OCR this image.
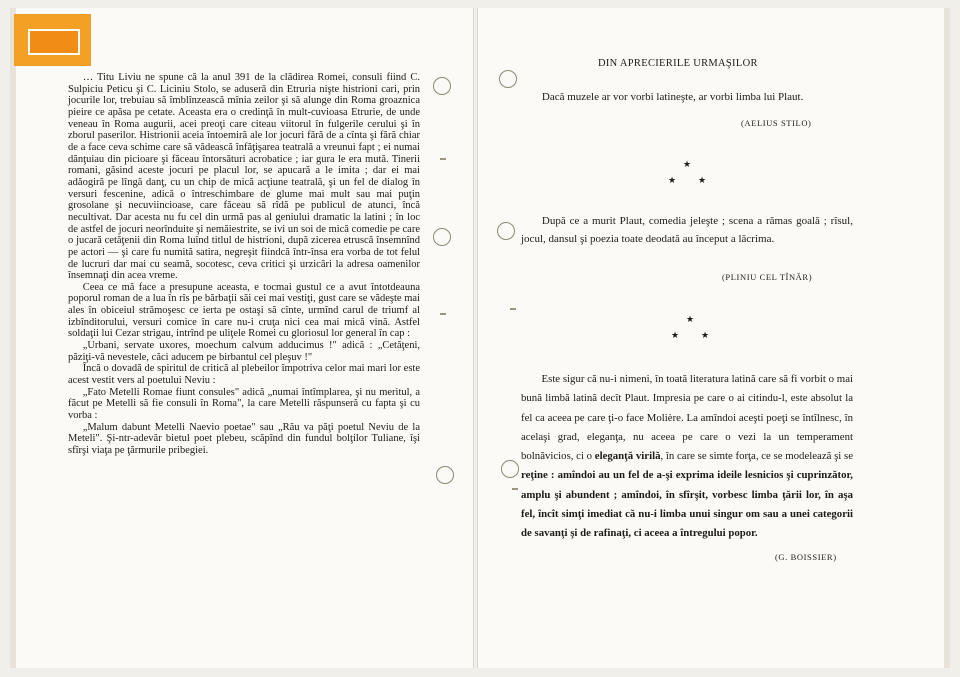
… Titu Liviu ne spune că la anul 391 de la clădirea Romei, consuli fiind C. Sulpiciu Peticu şi C. Liciniu Stolo, se aduseră din Etruria nişte histrioni cari, prin jocurile lor, trebuiau să îmblînzească mînia zeilor şi să alunge din Roma groaznica pieire ce apăsa pe cetate. Aceasta era o credinţă în mult-cuvioasa Etrurie, de unde veneau în Roma augurii, acei preoţi care citeau viitorul în fulgerile cerului şi în zborul paserilor. Histrionii aceia întoemiră ale lor jocuri fără de a cînta şi fără chiar de a face ceva schime care să vădească înfăţişarea teatrală a vreunui fapt ; ei numai dănţuiau din picioare şi făceau întorsături acrobatice ; iar gura le era mută. Tinerii romani, găsind aceste jocuri pe placul lor, se apucară a le imita ; dar ei mai adăogiră pe lîngă danţ, cu un chip de mică acţiune teatrală, şi un fel de dialog în versuri fescenine, adică o întreschimbare de glume mai mult sau mai puţin grosolane şi necuviincioase, care făceau să rîdă pe publicul de atunci, încă necultivat. Dar acesta nu fu cel din urmă pas al geniului dramatic la latini ; în loc de astfel de jocuri neorînduite şi nemăiestrite, se ivi un soi de mică comedie pe care o jucară cetăţenii din Roma luînd titlul de histrioni, după zicerea etruscă însemnînd pe actori — şi care fu numită satira, negreşit fiindcă într-însa era vorba de tot felul de lucruri dar mai cu seamă, socotesc, ceva critici şi urzicări la adresa oamenilor însemnaţi din acea vreme.

Ceea ce mă face a presupune aceasta, e tocmai gustul ce a avut întotdeauna poporul roman de a lua în rîs pe bărbaţii săi cei mai vestiţi, gust care se vădeşte mai ales în obiceiul strămoşesc ce ierta pe ostaşi să cînte, urmînd carul de triumf al izbînditorului, versuri comice în care nu-i cruţa nici cea mai mică vină. Astfel soldaţii lui Cezar strigau, intrînd pe uliţele Romei cu gloriosul lor general în cap :

„Urbani, servate uxores, moechum calvum adducimus !" adică : „Cetăţeni, păziţi-vă nevestele, căci aducem pe birbantul cel pleşuv !"

Încă o dovadă de spiritul de critică al plebeilor împotriva celor mai mari lor este acest vestit vers al poetului Neviu :

„Fato Metelli Romae fiunt consules" adică „numai întîmplarea, şi nu meritul, a făcut pe Metelli să fie consuli în Roma", la care Metelli răspunseră cu fapta şi cu vorba :

„Malum dabunt Metelli Naevio poetae" sau „Rău va păţi poetul Neviu de la Meteli". Şi-ntr-adevăr bietul poet plebeu, scăpînd din fundul bolţilor Tuliane, îşi sfîrşi viaţa pe ţărmurile pribegiei.

DIN APRECIERILE URMAŞILOR

Dacă muzele ar vor vorbi latineşte, ar vorbi limba lui Plaut.

(AELIUS STILO)
★
★ ★

După ce a murit Plaut, comedia jeleşte ; scena a rămas goală ; rîsul, jocul, dansul şi poezia toate deodată au început a lăcrima.

(PLINIU CEL TÎNĂR)
★
★ ★

Este sigur că nu-i nimeni, în toată literatura latină care să fi vorbit o mai bună limbă latină decît Plaut. Impresia pe care o ai citindu-l, este absolut la fel ca aceea pe care ţi-o face Molière. La amîndoi aceşti poeţi se întîlnesc, în acelaşi grad, eleganţa, nu aceea pe care o vezi la un temperament bolnăvicios, ci o eleganţă virilă, în care se simte forţa, ce se modelează şi se reţine : amîndoi au un fel de a-şi exprima ideile lesnicios şi cuprinzător, amplu şi abundent ; amîndoi, în sfîrşit, vorbesc limba ţării lor, în aşa fel, încît simţi imediat că nu-i limba unui singur om sau a unei categorii de savanţi şi de rafinaţi, ci aceea a întregului popor.

(G. BOISSIER)
